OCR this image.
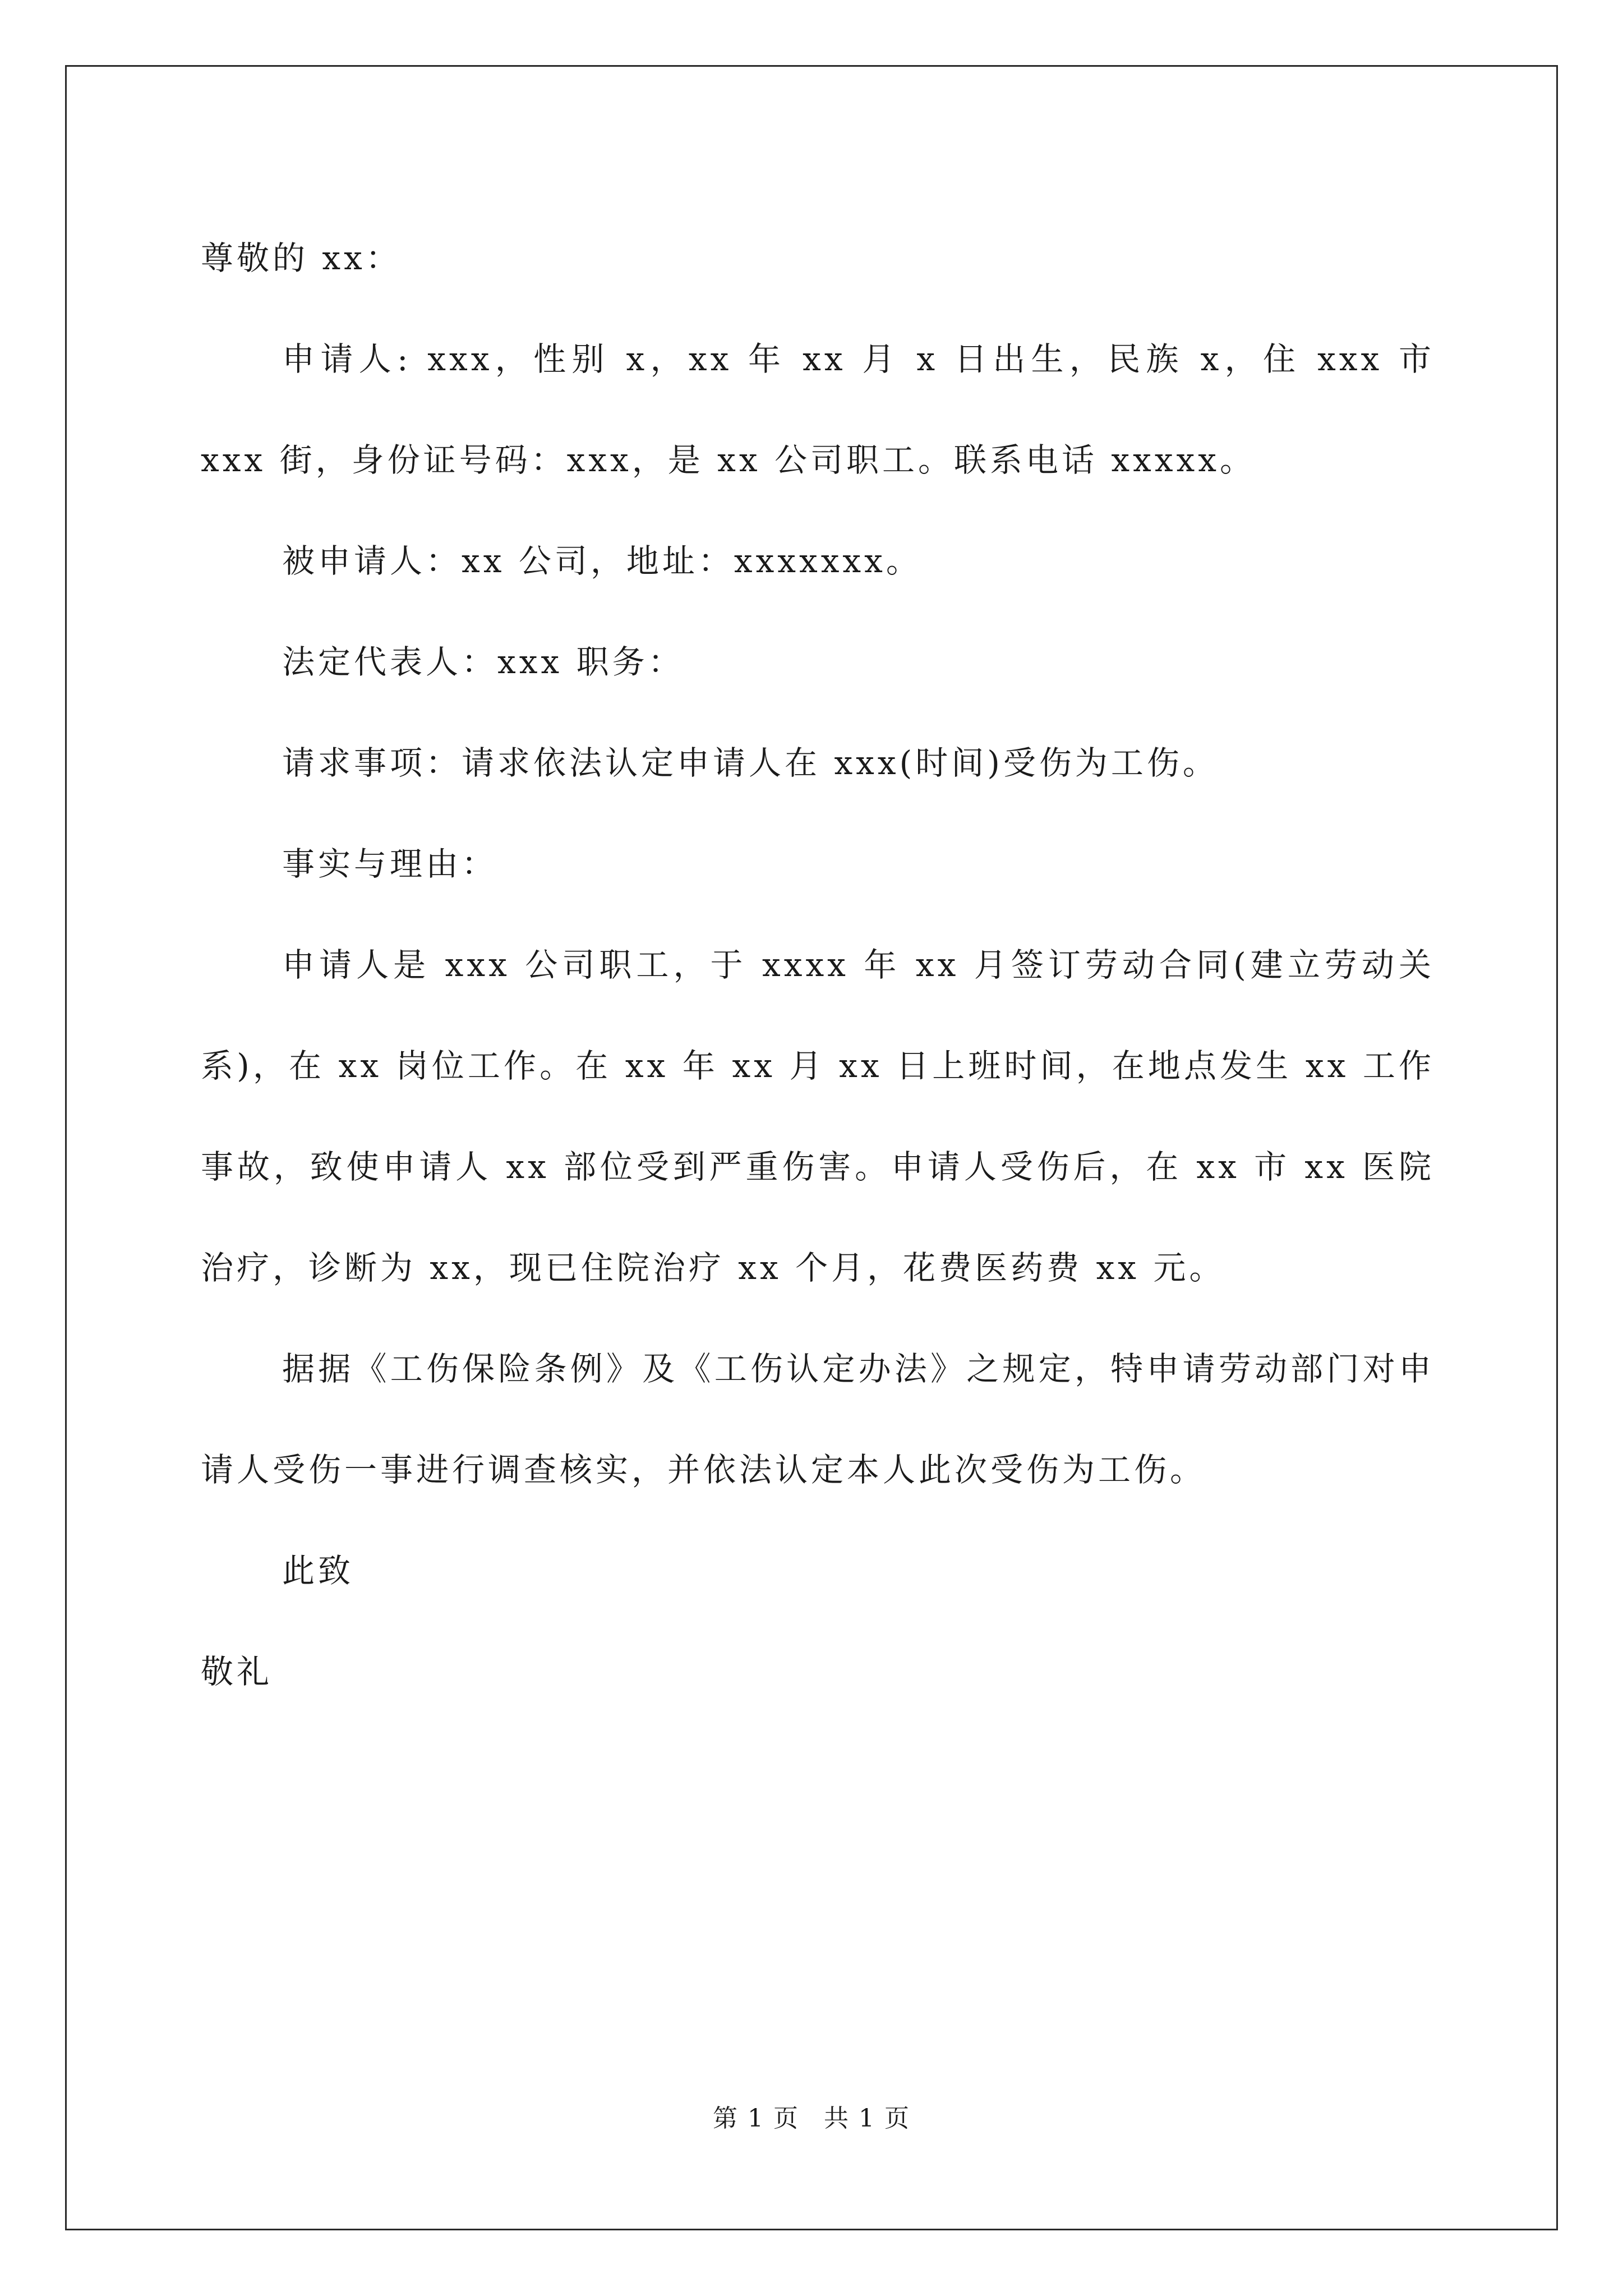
尊敬的 xx：

申请人: xxx，性别 x，xx 年 xx 月 x 日出生，民族 x，住 xxx 市 xxx 街，身份证号码：xxx，是 xx 公司职工。联系电话 xxxxx。

被申请人：xx 公司，地址：xxxxxxx。

法定代表人：xxx 职务：

请求事项：请求依法认定申请人在 xxx(时间)受伤为工伤。

事实与理由：

申请人是 xxx 公司职工，于 xxxx 年 xx 月签订劳动合同(建立劳动关系)，在 xx 岗位工作。在 xx 年 xx 月 xx 日上班时间，在地点发生 xx 工作事故，致使申请人 xx 部位受到严重伤害。申请人受伤后，在 xx 市 xx 医院治疗，诊断为 xx，现已住院治疗 xx 个月，花费医药费 xx 元。

据据《工伤保险条例》及《工伤认定办法》之规定，特申请劳动部门对申请人受伤一事进行调查核实，并依法认定本人此次受伤为工伤。

此致

敬礼

第 1 页 共 1 页
